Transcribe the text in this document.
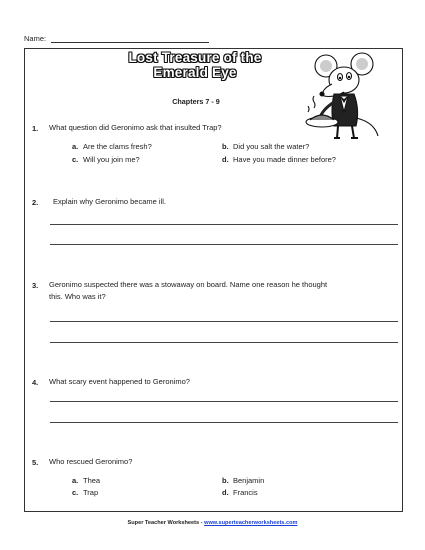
Name:
Lost Treasure of the
Emerald Eye
Chapters 7 - 9
1. What question did Geronimo ask that insulted Trap?
a. Are the clams fresh?	b. Did you salt the water?
c. Will you join me?	d. Have you made dinner before?
2. Explain why Geronimo became ill.
3. Geronimo suspected there was a stowaway on board. Name one reason he thought
this. Who was it?
4. What scary event happened to Geronimo?
5. Who rescued Geronimo?
a. Thea	b. Benjamin
c. Trap	d. Francis
Super Teacher Worksheets - www.superteacherworksheets.com
